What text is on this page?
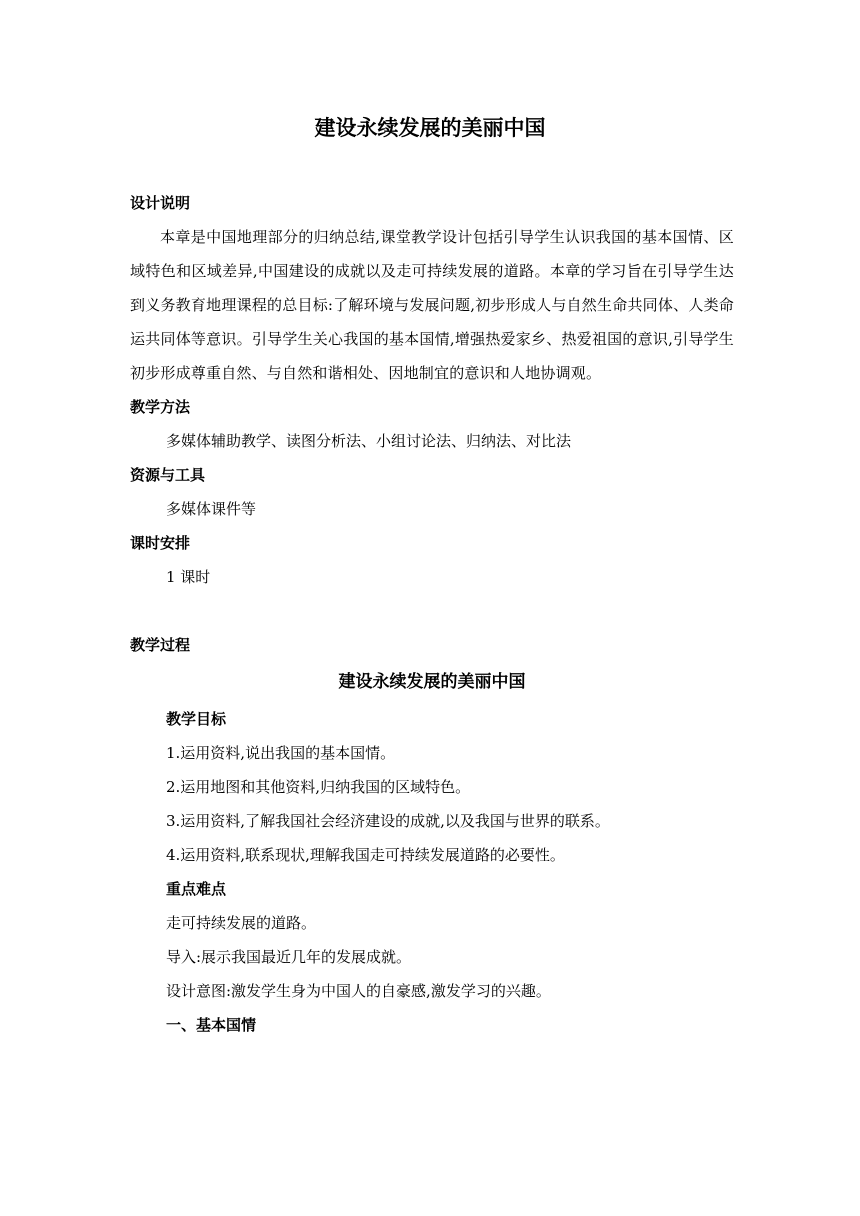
建设永续发展的美丽中国
设计说明

本章是中国地理部分的归纳总结,课堂教学设计包括引导学生认识我国的基本国情、区域特色和区域差异,中国建设的成就以及走可持续发展的道路。本章的学习旨在引导学生达到义务教育地理课程的总目标:了解环境与发展问题,初步形成人与自然生命共同体、人类命运共同体等意识。引导学生关心我国的基本国情,增强热爱家乡、热爱祖国的意识,引导学生初步形成尊重自然、与自然和谐相处、因地制宜的意识和人地协调观。

教学方法
多媒体辅助教学、读图分析法、小组讨论法、归纳法、对比法
资源与工具
多媒体课件等
课时安排
1 课时
教学过程
建设永续发展的美丽中国
教学目标
1.运用资料,说出我国的基本国情。
2.运用地图和其他资料,归纳我国的区域特色。
3.运用资料,了解我国社会经济建设的成就,以及我国与世界的联系。
4.运用资料,联系现状,理解我国走可持续发展道路的必要性。
重点难点
走可持续发展的道路。
导入:展示我国最近几年的发展成就。
设计意图:激发学生身为中国人的自豪感,激发学习的兴趣。
一、基本国情
